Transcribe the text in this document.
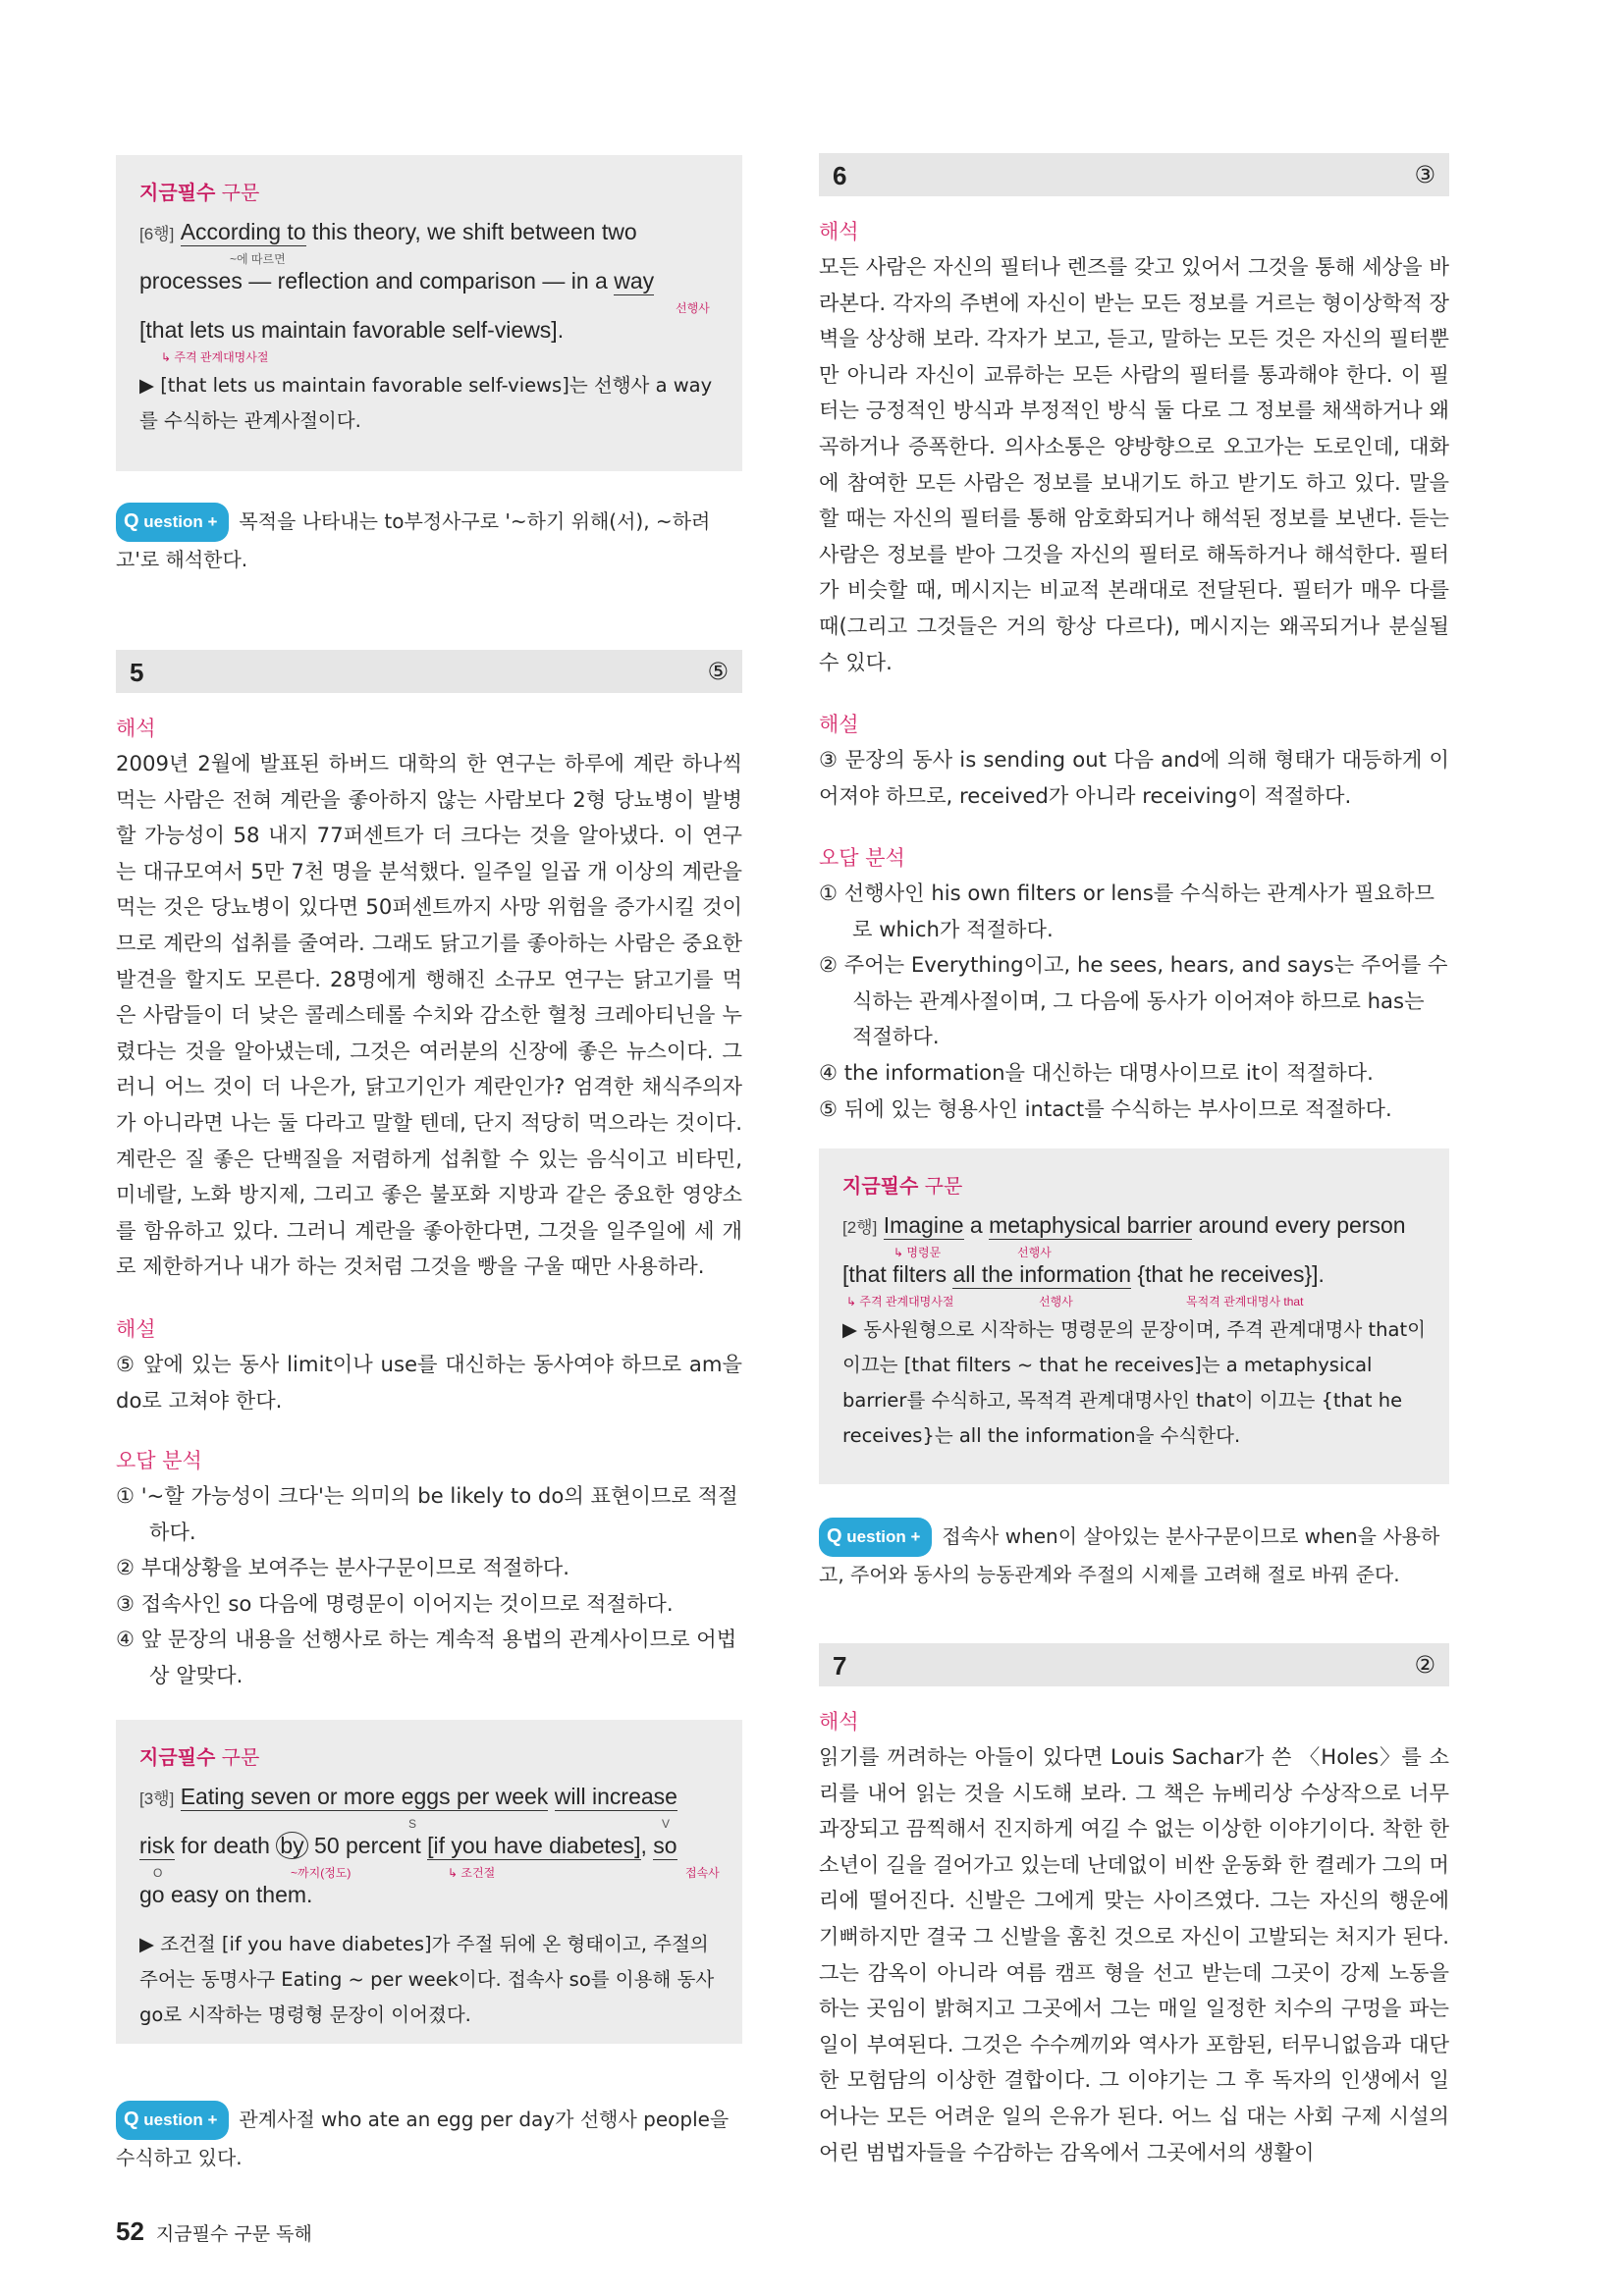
지금필수 구문
[6행] According to this theory, we shift between two
~에 따르면
processes — reflection and comparison — in a way
선행사
[that lets us maintain favorable self-views].
↳ 주격 관계대명사절
▶ [that lets us maintain favorable self-views]는 선행사 a way를 수식하는 관계사절이다.
Q uestion + 목적을 나타내는 to부정사구로 '~하기 위해(서), ~하려고'로 해석한다.
5	⑤
해석

2009년 2월에 발표된 하버드 대학의 한 연구는 하루에 계란 하나씩 먹는 사람은 전혀 계란을 좋아하지 않는 사람보다 2형 당뇨병이 발병할 가능성이 58 내지 77퍼센트가 더 크다는 것을 알아냈다. 이 연구는 대규모여서 5만 7천 명을 분석했다. 일주일 일곱 개 이상의 계란을 먹는 것은 당뇨병이 있다면 50퍼센트까지 사망 위험을 증가시킬 것이므로 계란의 섭취를 줄여라. 그래도 닭고기를 좋아하는 사람은 중요한 발견을 할지도 모른다. 28명에게 행해진 소규모 연구는 닭고기를 먹은 사람들이 더 낮은 콜레스테롤 수치와 감소한 혈청 크레아티닌을 누렸다는 것을 알아냈는데, 그것은 여러분의 신장에 좋은 뉴스이다. 그러니 어느 것이 더 나은가, 닭고기인가 계란인가? 엄격한 채식주의자가 아니라면 나는 둘 다라고 말할 텐데, 단지 적당히 먹으라는 것이다. 계란은 질 좋은 단백질을 저렴하게 섭취할 수 있는 음식이고 비타민, 미네랄, 노화 방지제, 그리고 좋은 불포화 지방과 같은 중요한 영양소를 함유하고 있다. 그러니 계란을 좋아한다면, 그것을 일주일에 세 개로 제한하거나 내가 하는 것처럼 그것을 빵을 구울 때만 사용하라.

해설

⑤ 앞에 있는 동사 limit이나 use를 대신하는 동사여야 하므로 am을 do로 고쳐야 한다.

오답 분석
① '~할 가능성이 크다'는 의미의 be likely to do의 표현이므로 적절하다.
② 부대상황을 보여주는 분사구문이므로 적절하다.
③ 접속사인 so 다음에 명령문이 이어지는 것이므로 적절하다.
④ 앞 문장의 내용을 선행사로 하는 계속적 용법의 관계사이므로 어법상 알맞다.
지금필수 구문
[3행] Eating seven or more eggs per week will increase
S	V
risk for death by 50 percent [if you have diabetes], so
O	~까지(정도)	↳ 조건절	접속사
go easy on them.
▶ 조건절 [if you have diabetes]가 주절 뒤에 온 형태이고, 주절의 주어는 동명사구 Eating ~ per week이다. 접속사 so를 이용해 동사 go로 시작하는 명령형 문장이 이어졌다.
Q uestion + 관계사절 who ate an egg per day가 선행사 people을 수식하고 있다.
6	③
해석

모든 사람은 자신의 필터나 렌즈를 갖고 있어서 그것을 통해 세상을 바라본다. 각자의 주변에 자신이 받는 모든 정보를 거르는 형이상학적 장벽을 상상해 보라. 각자가 보고, 듣고, 말하는 모든 것은 자신의 필터뿐만 아니라 자신이 교류하는 모든 사람의 필터를 통과해야 한다. 이 필터는 긍정적인 방식과 부정적인 방식 둘 다로 그 정보를 채색하거나 왜곡하거나 증폭한다. 의사소통은 양방향으로 오고가는 도로인데, 대화에 참여한 모든 사람은 정보를 보내기도 하고 받기도 하고 있다. 말을 할 때는 자신의 필터를 통해 암호화되거나 해석된 정보를 보낸다. 듣는 사람은 정보를 받아 그것을 자신의 필터로 해독하거나 해석한다. 필터가 비슷할 때, 메시지는 비교적 본래대로 전달된다. 필터가 매우 다를 때(그리고 그것들은 거의 항상 다르다), 메시지는 왜곡되거나 분실될 수 있다.

해설

③ 문장의 동사 is sending out 다음 and에 의해 형태가 대등하게 이어져야 하므로, received가 아니라 receiving이 적절하다.

오답 분석
① 선행사인 his own filters or lens를 수식하는 관계사가 필요하므로 which가 적절하다.
② 주어는 Everything이고, he sees, hears, and says는 주어를 수식하는 관계사절이며, 그 다음에 동사가 이어져야 하므로 has는 적절하다.
④ the information을 대신하는 대명사이므로 it이 적절하다.
⑤ 뒤에 있는 형용사인 intact를 수식하는 부사이므로 적절하다.
지금필수 구문
[2행] Imagine a metaphysical barrier around every person
↳ 명령문	선행사
[that filters all the information {that he receives}].
↳ 주격 관계대명사절	선행사	목적격 관계대명사 that
▶ 동사원형으로 시작하는 명령문의 문장이며, 주격 관계대명사 that이 이끄는 [that filters ~ that he receives]는 a metaphysical barrier를 수식하고, 목적격 관계대명사인 that이 이끄는 {that he receives}는 all the information을 수식한다.
Q uestion + 접속사 when이 살아있는 분사구문이므로 when을 사용하고, 주어와 동사의 능동관계와 주절의 시제를 고려해 절로 바꿔 준다.
7	②
해석

읽기를 꺼려하는 아들이 있다면 Louis Sachar가 쓴 〈Holes〉를 소리를 내어 읽는 것을 시도해 보라. 그 책은 뉴베리상 수상작으로 너무 과장되고 끔찍해서 진지하게 여길 수 없는 이상한 이야기이다. 착한 한 소년이 길을 걸어가고 있는데 난데없이 비싼 운동화 한 켤레가 그의 머리에 떨어진다. 신발은 그에게 맞는 사이즈였다. 그는 자신의 행운에 기뻐하지만 결국 그 신발을 훔친 것으로 자신이 고발되는 처지가 된다. 그는 감옥이 아니라 여름 캠프 형을 선고 받는데 그곳이 강제 노동을 하는 곳임이 밝혀지고 그곳에서 그는 매일 일정한 치수의 구멍을 파는 일이 부여된다. 그것은 수수께끼와 역사가 포함된, 터무니없음과 대단한 모험담의 이상한 결합이다. 그 이야기는 그 후 독자의 인생에서 일어나는 모든 어려운 일의 은유가 된다. 어느 십 대는 사회 구제 시설의 어린 범법자들을 수감하는 감옥에서 그곳에서의 생활이

52 지금필수 구문 독해
